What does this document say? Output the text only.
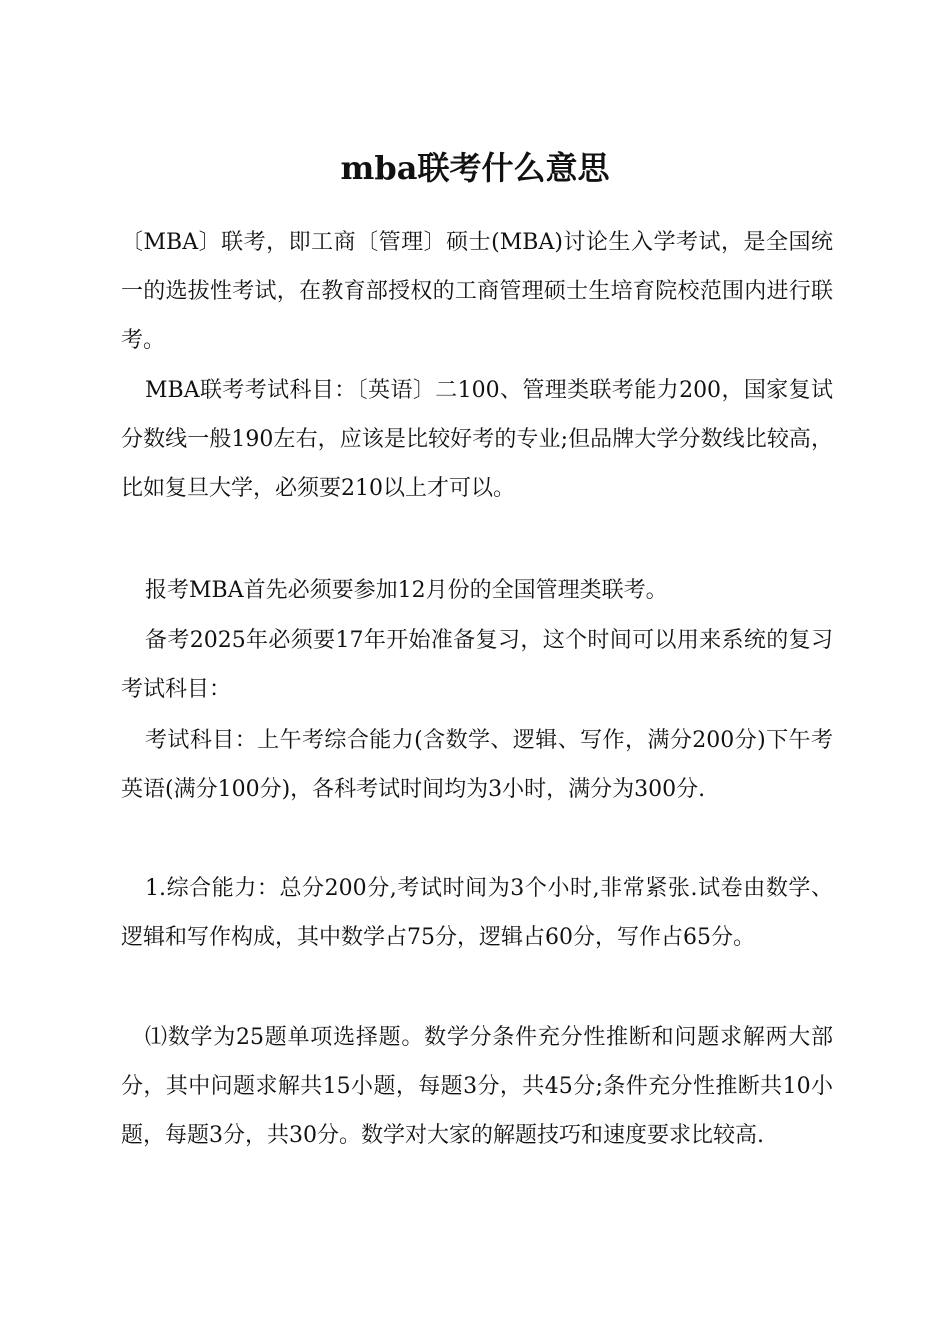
mba联考什么意思

〔MBA〕联考，即工商〔管理〕硕士(MBA)讨论生入学考试，是全国统一的选拔性考试，在教育部授权的工商管理硕士生培育院校范围内进行联考。

MBA联考考试科目：〔英语〕二100、管理类联考能力200，国家复试分数线一般190左右，应该是比较好考的专业;但品牌大学分数线比较高，比如复旦大学，必须要210以上才可以。

报考MBA首先必须要参加12月份的全国管理类联考。

备考2025年必须要17年开始准备复习，这个时间可以用来系统的复习考试科目：

考试科目：上午考综合能力(含数学、逻辑、写作，满分200分)下午考英语(满分100分)，各科考试时间均为3小时，满分为300分.

1.综合能力：总分200分,考试时间为3个小时,非常紧张.试卷由数学、逻辑和写作构成，其中数学占75分，逻辑占60分，写作占65分。

⑴数学为25题单项选择题。数学分条件充分性推断和问题求解两大部分，其中问题求解共15小题，每题3分，共45分;条件充分性推断共10小题，每题3分，共30分。数学对大家的解题技巧和速度要求比较高.
